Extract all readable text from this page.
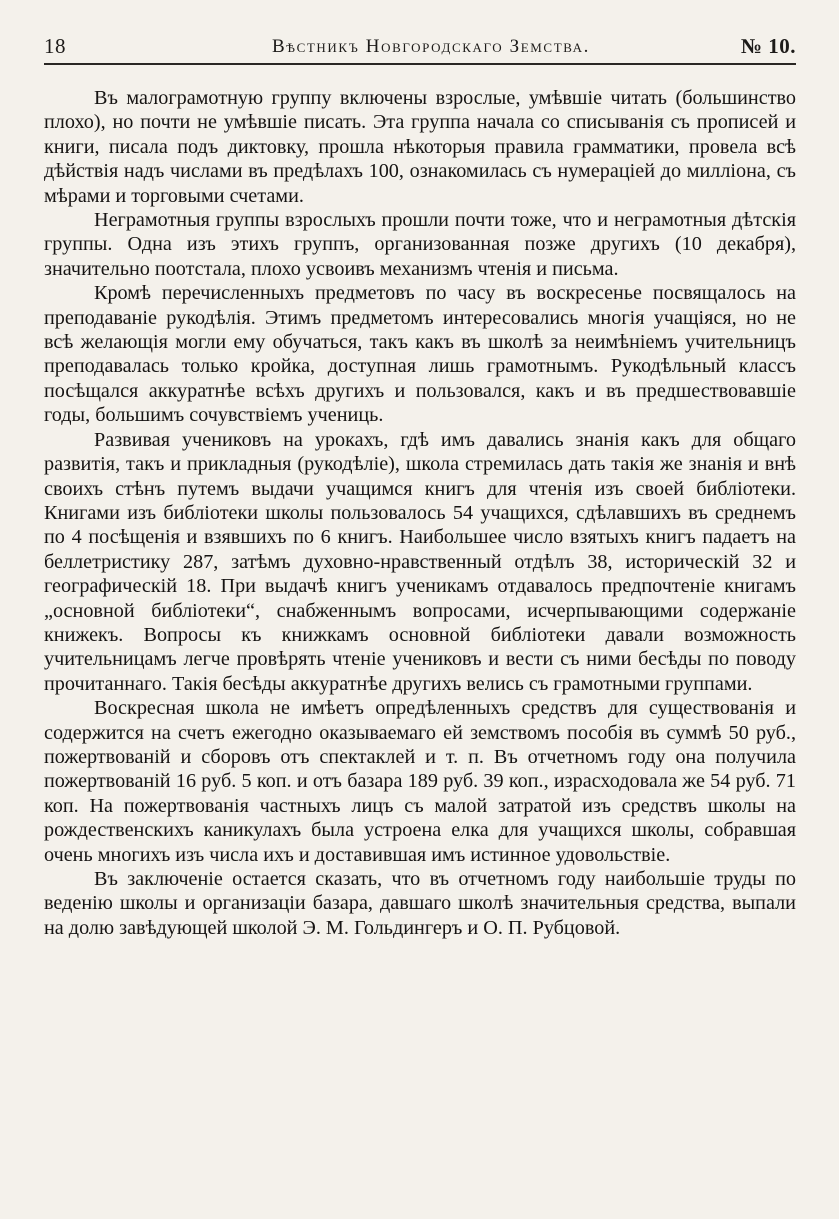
18	Вѣстникъ Новгородскаго Земства.	№ 10.

Въ малограмотную группу включены взрослые, умѣвшіе читать (большинство плохо), но почти не умѣвшіе писать. Эта группа начала со списыванія съ прописей и книги, писала подъ диктовку, прошла нѣкоторыя правила грамматики, провела всѣ дѣйствія надъ числами въ предѣлахъ 100, ознакомилась съ нумераціей до милліона, съ мѣрами и торговыми счетами.

Неграмотныя группы взрослыхъ прошли почти тоже, что и неграмотныя дѣтскія группы. Одна изъ этихъ группъ, организованная позже другихъ (10 декабря), значительно поотстала, плохо усвоивъ механизмъ чтенія и письма.

Кромѣ перечисленныхъ предметовъ по часу въ воскресенье посвящалось на преподаваніе рукодѣлія. Этимъ предметомъ интересовались многія учащіяся, но не всѣ желающія могли ему обучаться, такъ какъ въ школѣ за неимѣніемъ учительницъ преподавалась только кройка, доступная лишь грамотнымъ. Рукодѣльный классъ посѣщался аккуратнѣе всѣхъ другихъ и пользовался, какъ и въ предшествовавшіе годы, большимъ сочувствіемъ учениць.

Развивая учениковъ на урокахъ, гдѣ имъ давались знанія какъ для общаго развитія, такъ и прикладныя (рукодѣліе), школа стремилась дать такія же знанія и внѣ своихъ стѣнъ путемъ выдачи учащимся книгъ для чтенія изъ своей библіотеки. Книгами изъ библіотеки школы пользовалось 54 учащихся, сдѣлавшихъ въ среднемъ по 4 посѣщенія и взявшихъ по 6 книгъ. Наибольшее число взятыхъ книгъ падаетъ на беллетристику 287, затѣмъ духовно-нравственный отдѣлъ 38, историческій 32 и географическій 18. При выдачѣ книгъ ученикамъ отдавалось предпочтеніе книгамъ „основной библіотеки“, снабженнымъ вопросами, исчерпывающими содержаніе книжекъ. Вопросы къ книжкамъ основной библіотеки давали возможность учительницамъ легче провѣрять чтеніе учениковъ и вести съ ними бесѣды по поводу прочитаннаго. Такія бесѣды аккуратнѣе другихъ велись съ грамотными группами.

Воскресная школа не имѣетъ опредѣленныхъ средствъ для существованія и содержится на счетъ ежегодно оказываемаго ей земствомъ пособія въ суммѣ 50 руб., пожертвованій и сборовъ отъ спектаклей и т. п. Въ отчетномъ году она получила пожертвованій 16 руб. 5 коп. и отъ базара 189 руб. 39 коп., израсходовала же 54 руб. 71 коп. На пожертвованія частныхъ лицъ съ малой затратой изъ средствъ школы на рождественскихъ каникулахъ была устроена елка для учащихся школы, собравшая очень многихъ изъ числа ихъ и доставившая имъ истинное удовольствіе.

Въ заключеніе остается сказать, что въ отчетномъ году наибольшіе труды по веденію школы и организаціи базара, давшаго школѣ значительныя средства, выпали на долю завѣдующей школой Э. М. Гольдингеръ и О. П. Рубцовой.
